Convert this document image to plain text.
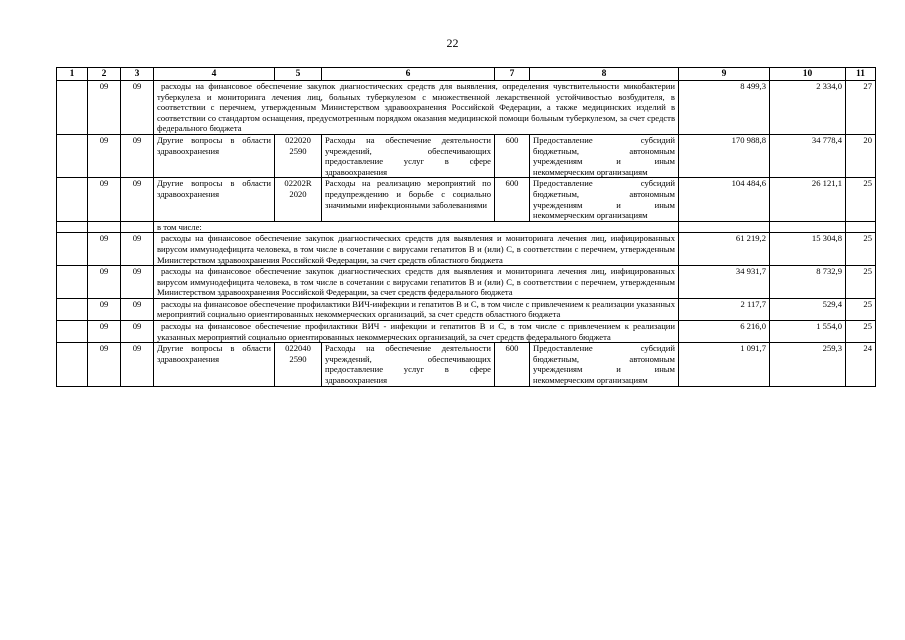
22
1	2	3	4	5	6	7	8	9	10	11
	09	09	расходы на финансовое обеспечение закупок диагностических средств для выявления, определения чувствительности микобактерии туберкулеза и мониторинга лечения лиц, больных туберкулезом с множественной лекарственной устойчивостью возбудителя, в соответствии с перечнем, утвержденным Министерством здравоохранения Российской Федерации, а также медицинских изделий в соответствии со стандартом оснащения, предусмотренным порядком оказания медицинской помощи больным туберкулезом, за счет средств федерального бюджета					8 499,3	2 334,0	27
	09	09	Другие вопросы в области здравоохранения	022020 2590	Расходы на обеспечение деятельности учреждений, обеспечивающих предоставление услуг в сфере здравоохранения	600	Предоставление субсидий бюджетным, автономным учреждениям и иным некоммерческим организациям	170 988,8	34 778,4	20
	09	09	Другие вопросы в области здравоохранения	02202R 2020	Расходы на реализацию мероприятий по предупреждению и борьбе с социально значимыми инфекционными заболеваниями	600	Предоставление субсидий бюджетным, автономным учреждениям и иным некоммерческим организациям	104 484,6	26 121,1	25
			в том числе:							
	09	09	расходы на финансовое обеспечение закупок диагностических средств для выявления и мониторинга лечения лиц, инфицированных вирусом иммунодефицита человека, в том числе в сочетании с вирусами гепатитов В и (или) С, в соответствии с перечнем, утвержденным Министерством здравоохранения Российской Федерации, за счет средств областного бюджета					61 219,2	15 304,8	25
	09	09	расходы на финансовое обеспечение закупок диагностических средств для выявления и мониторинга лечения лиц, инфицированных вирусом иммунодефицита человека, в том числе в сочетании с вирусами гепатитов В и (или) С, в соответствии с перечнем, утвержденным Министерством здравоохранения Российской Федерации, за счет средств федерального бюджета					34 931,7	8 732,9	25
	09	09	расходы на финансовое обеспечение профилактики ВИЧ-инфекции и гепатитов В и С, в том числе с привлечением к реализации указанных мероприятий социально ориентированных некоммерческих организаций, за счет средств областного бюджета					2 117,7	529,4	25
	09	09	расходы на финансовое обеспечение профилактики ВИЧ - инфекции и гепатитов В и С, в том числе с привлечением к реализации указанных мероприятий социально ориентированных некоммерческих организаций, за счет средств федерального бюджета					6 216,0	1 554,0	25
	09	09	Другие вопросы в области здравоохранения	022040 2590	Расходы на обеспечение деятельности учреждений, обеспечивающих предоставление услуг в сфере здравоохранения	600	Предоставление субсидий бюджетным, автономным учреждениям и иным некоммерческим организациям	1 091,7	259,3	24
